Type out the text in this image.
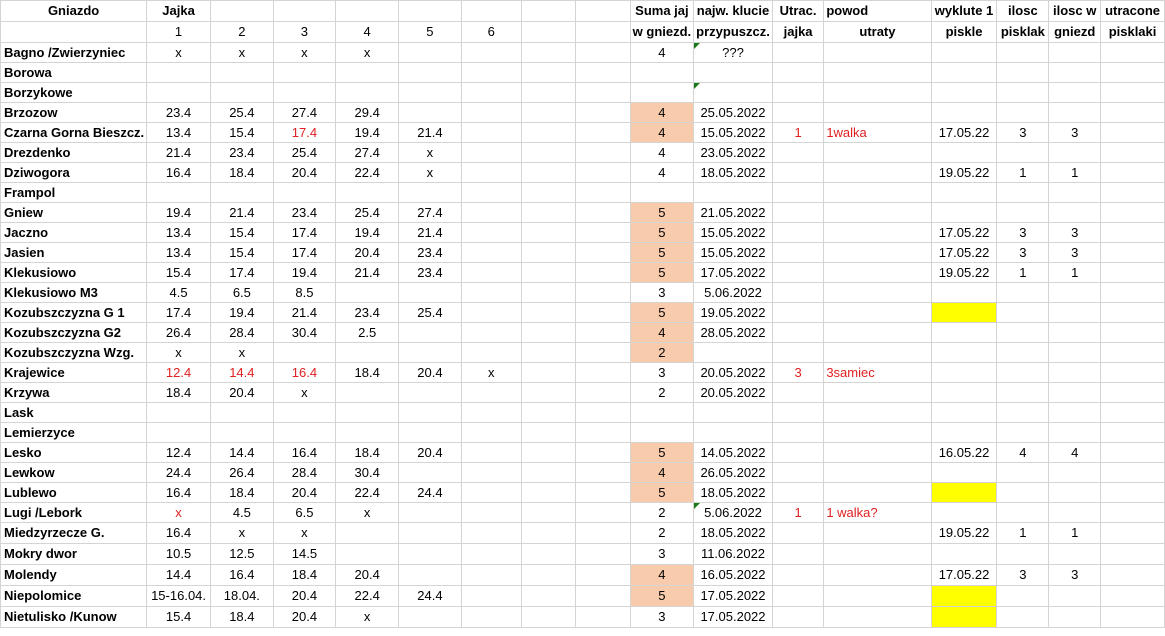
Gniazdo	Jajka								Suma jaj	najw. klucie	Utrac.	powod	wyklute 1	ilosc	ilosc w	utracone
	1	2	3	4	5	6			w gniezd.	przypuszcz.	jajka	utraty	piskle	pisklak	gniezd	pisklаki
Bagno /Zwierzyniec	x	x	x	x					4	???						
Borowa																
Borzykowe																
Brzozow	23.4	25.4	27.4	29.4					4	25.05.2022						
Czarna Gorna Bieszcz.	13.4	15.4	17.4	19.4	21.4				4	15.05.2022	1	1walka	17.05.22	3	3	
Drezdenko	21.4	23.4	25.4	27.4	x				4	23.05.2022						
Dziwogora	16.4	18.4	20.4	22.4	x				4	18.05.2022			19.05.22	1	1	
Frampol																
Gniew	19.4	21.4	23.4	25.4	27.4				5	21.05.2022						
Jaczno	13.4	15.4	17.4	19.4	21.4				5	15.05.2022			17.05.22	3	3	
Jasien	13.4	15.4	17.4	20.4	23.4				5	15.05.2022			17.05.22	3	3	
Klekusiowo	15.4	17.4	19.4	21.4	23.4				5	17.05.2022			19.05.22	1	1	
Klekusiowo M3	4.5	6.5	8.5						3	5.06.2022						
Kozubszczyzna G 1	17.4	19.4	21.4	23.4	25.4				5	19.05.2022						
Kozubszczyzna G2	26.4	28.4	30.4	2.5					4	28.05.2022						
Kozubszczyzna Wzg.	x	x							2							
Krajewice	12.4	14.4	16.4	18.4	20.4	x			3	20.05.2022	3	3samiec				
Krzywa	18.4	20.4	x						2	20.05.2022						
Lask																
Lemierzyce																
Lesko	12.4	14.4	16.4	18.4	20.4				5	14.05.2022			16.05.22	4	4	
Lewkow	24.4	26.4	28.4	30.4					4	26.05.2022						
Lublewo	16.4	18.4	20.4	22.4	24.4				5	18.05.2022						
Lugi /Lebork	x	4.5	6.5	x					2	5.06.2022	1	1 walka?				
Miedzyrzecze G.	16.4	x	x						2	18.05.2022			19.05.22	1	1	
Mokry dwor	10.5	12.5	14.5						3	11.06.2022						
Molendy	14.4	16.4	18.4	20.4					4	16.05.2022			17.05.22	3	3	
Niepolomice	15-16.04.	18.04.	20.4	22.4	24.4				5	17.05.2022						
Nietulisko /Kunow	15.4	18.4	20.4	x					3	17.05.2022						
